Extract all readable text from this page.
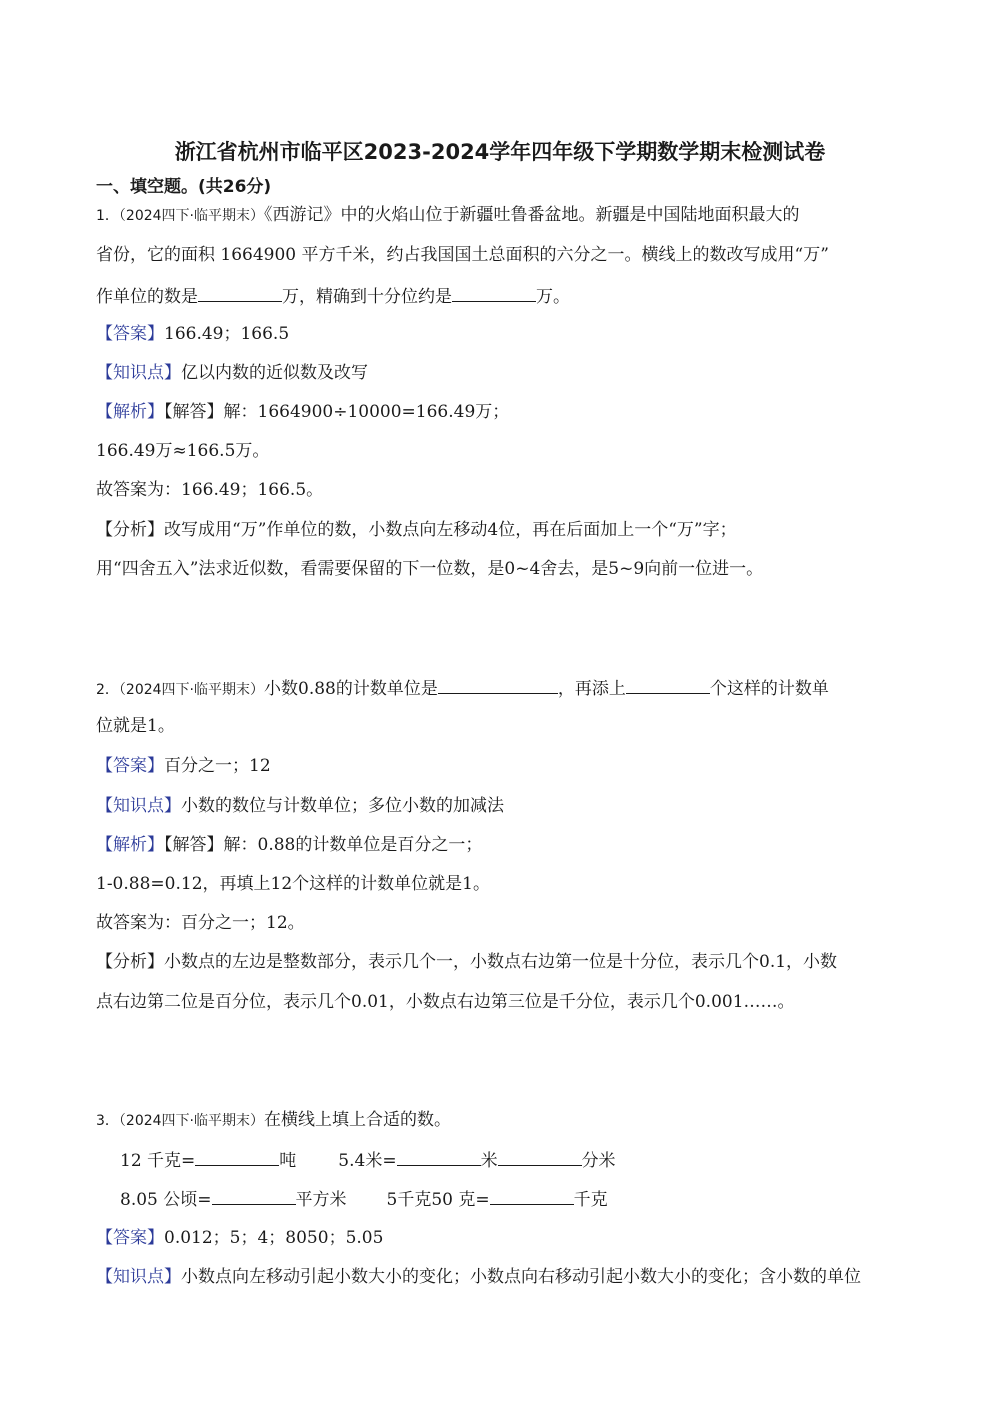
浙江省杭州市临平区2023-2024学年四年级下学期数学期末检测试卷
一、填空题。(共26分)
1．（2024四下·临平期末）《西游记》中的火焰山位于新疆吐鲁番盆地。新疆是中国陆地面积最大的
省份，它的面积 1664900 平方千米，约占我国国土总面积的六分之一。横线上的数改写成用“万”
作单位的数是	万，精确到十分位约是	万。
【答案】166.49；166.5
【知识点】亿以内数的近似数及改写
【解析】【解答】解：1664900÷10000=166.49万；
166.49万≈166.5万。
故答案为：166.49；166.5。
【分析】改写成用“万”作单位的数，小数点向左移动4位，再在后面加上一个“万”字；
用“四舍五入”法求近似数，看需要保留的下一位数，是0~4舍去，是5~9向前一位进一。
2．（2024四下·临平期末）小数0.88的计数单位是	，再添上	个这样的计数单
位就是1。
【答案】百分之一；12
【知识点】小数的数位与计数单位；多位小数的加减法
【解析】【解答】解：0.88的计数单位是百分之一；
1-0.88=0.12，再填上12个这样的计数单位就是1。
故答案为：百分之一；12。
【分析】小数点的左边是整数部分，表示几个一，小数点右边第一位是十分位，表示几个0.1，小数
点右边第二位是百分位，表示几个0.01，小数点右边第三位是千分位，表示几个0.001……。
3．（2024四下·临平期末）在横线上填上合适的数。
12 千克=	吨 5.4米=	米	分米
8.05 公顷=	平方米 5千克50 克=	千克
【答案】0.012；5；4；8050；5.05
【知识点】小数点向左移动引起小数大小的变化；小数点向右移动引起小数大小的变化；含小数的单位
